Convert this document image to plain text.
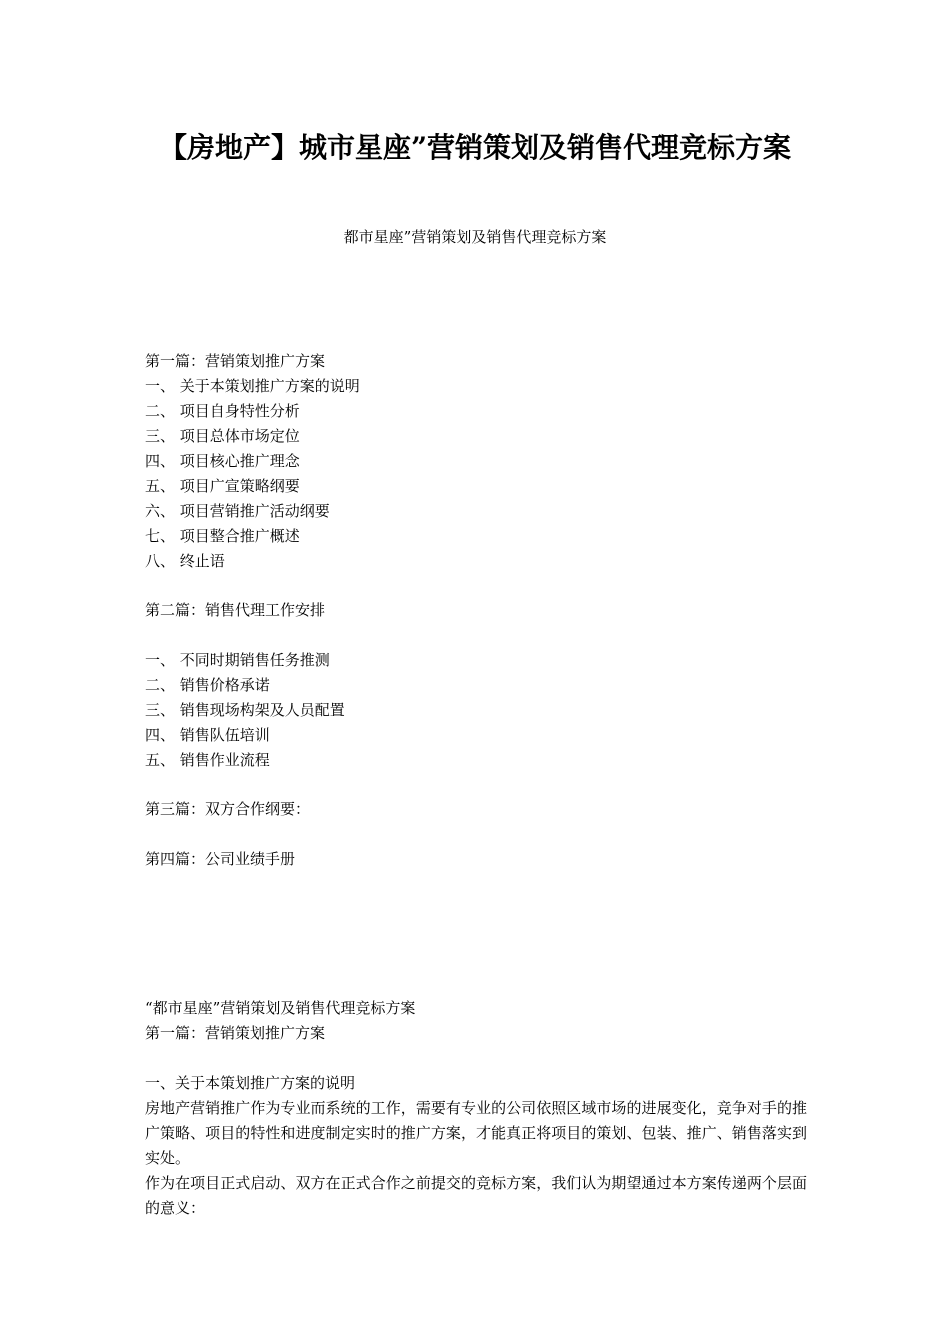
【房地产】城市星座”营销策划及销售代理竞标方案

都市星座”营销策划及销售代理竞标方案

第一篇：营销策划推广方案

一、 关于本策划推广方案的说明

二、 项目自身特性分析

三、 项目总体市场定位

四、 项目核心推广理念

五、 项目广宣策略纲要

六、 项目营销推广活动纲要

七、 项目整合推广概述

八、 终止语

第二篇：销售代理工作安排

一、 不同时期销售任务推测

二、 销售价格承诺

三、 销售现场构架及人员配置

四、 销售队伍培训

五、 销售作业流程

第三篇：双方合作纲要：

第四篇：公司业绩手册

“都市星座”营销策划及销售代理竞标方案

第一篇：营销策划推广方案

一、关于本策划推广方案的说明

房地产营销推广作为专业而系统的工作，需要有专业的公司依照区域市场的进展变化，竞争对手的推广策略、项目的特性和进度制定实时的推广方案，才能真正将项目的策划、包装、推广、销售落实到实处。

作为在项目正式启动、双方在正式合作之前提交的竞标方案，我们认为期望通过本方案传递两个层面的意义：
